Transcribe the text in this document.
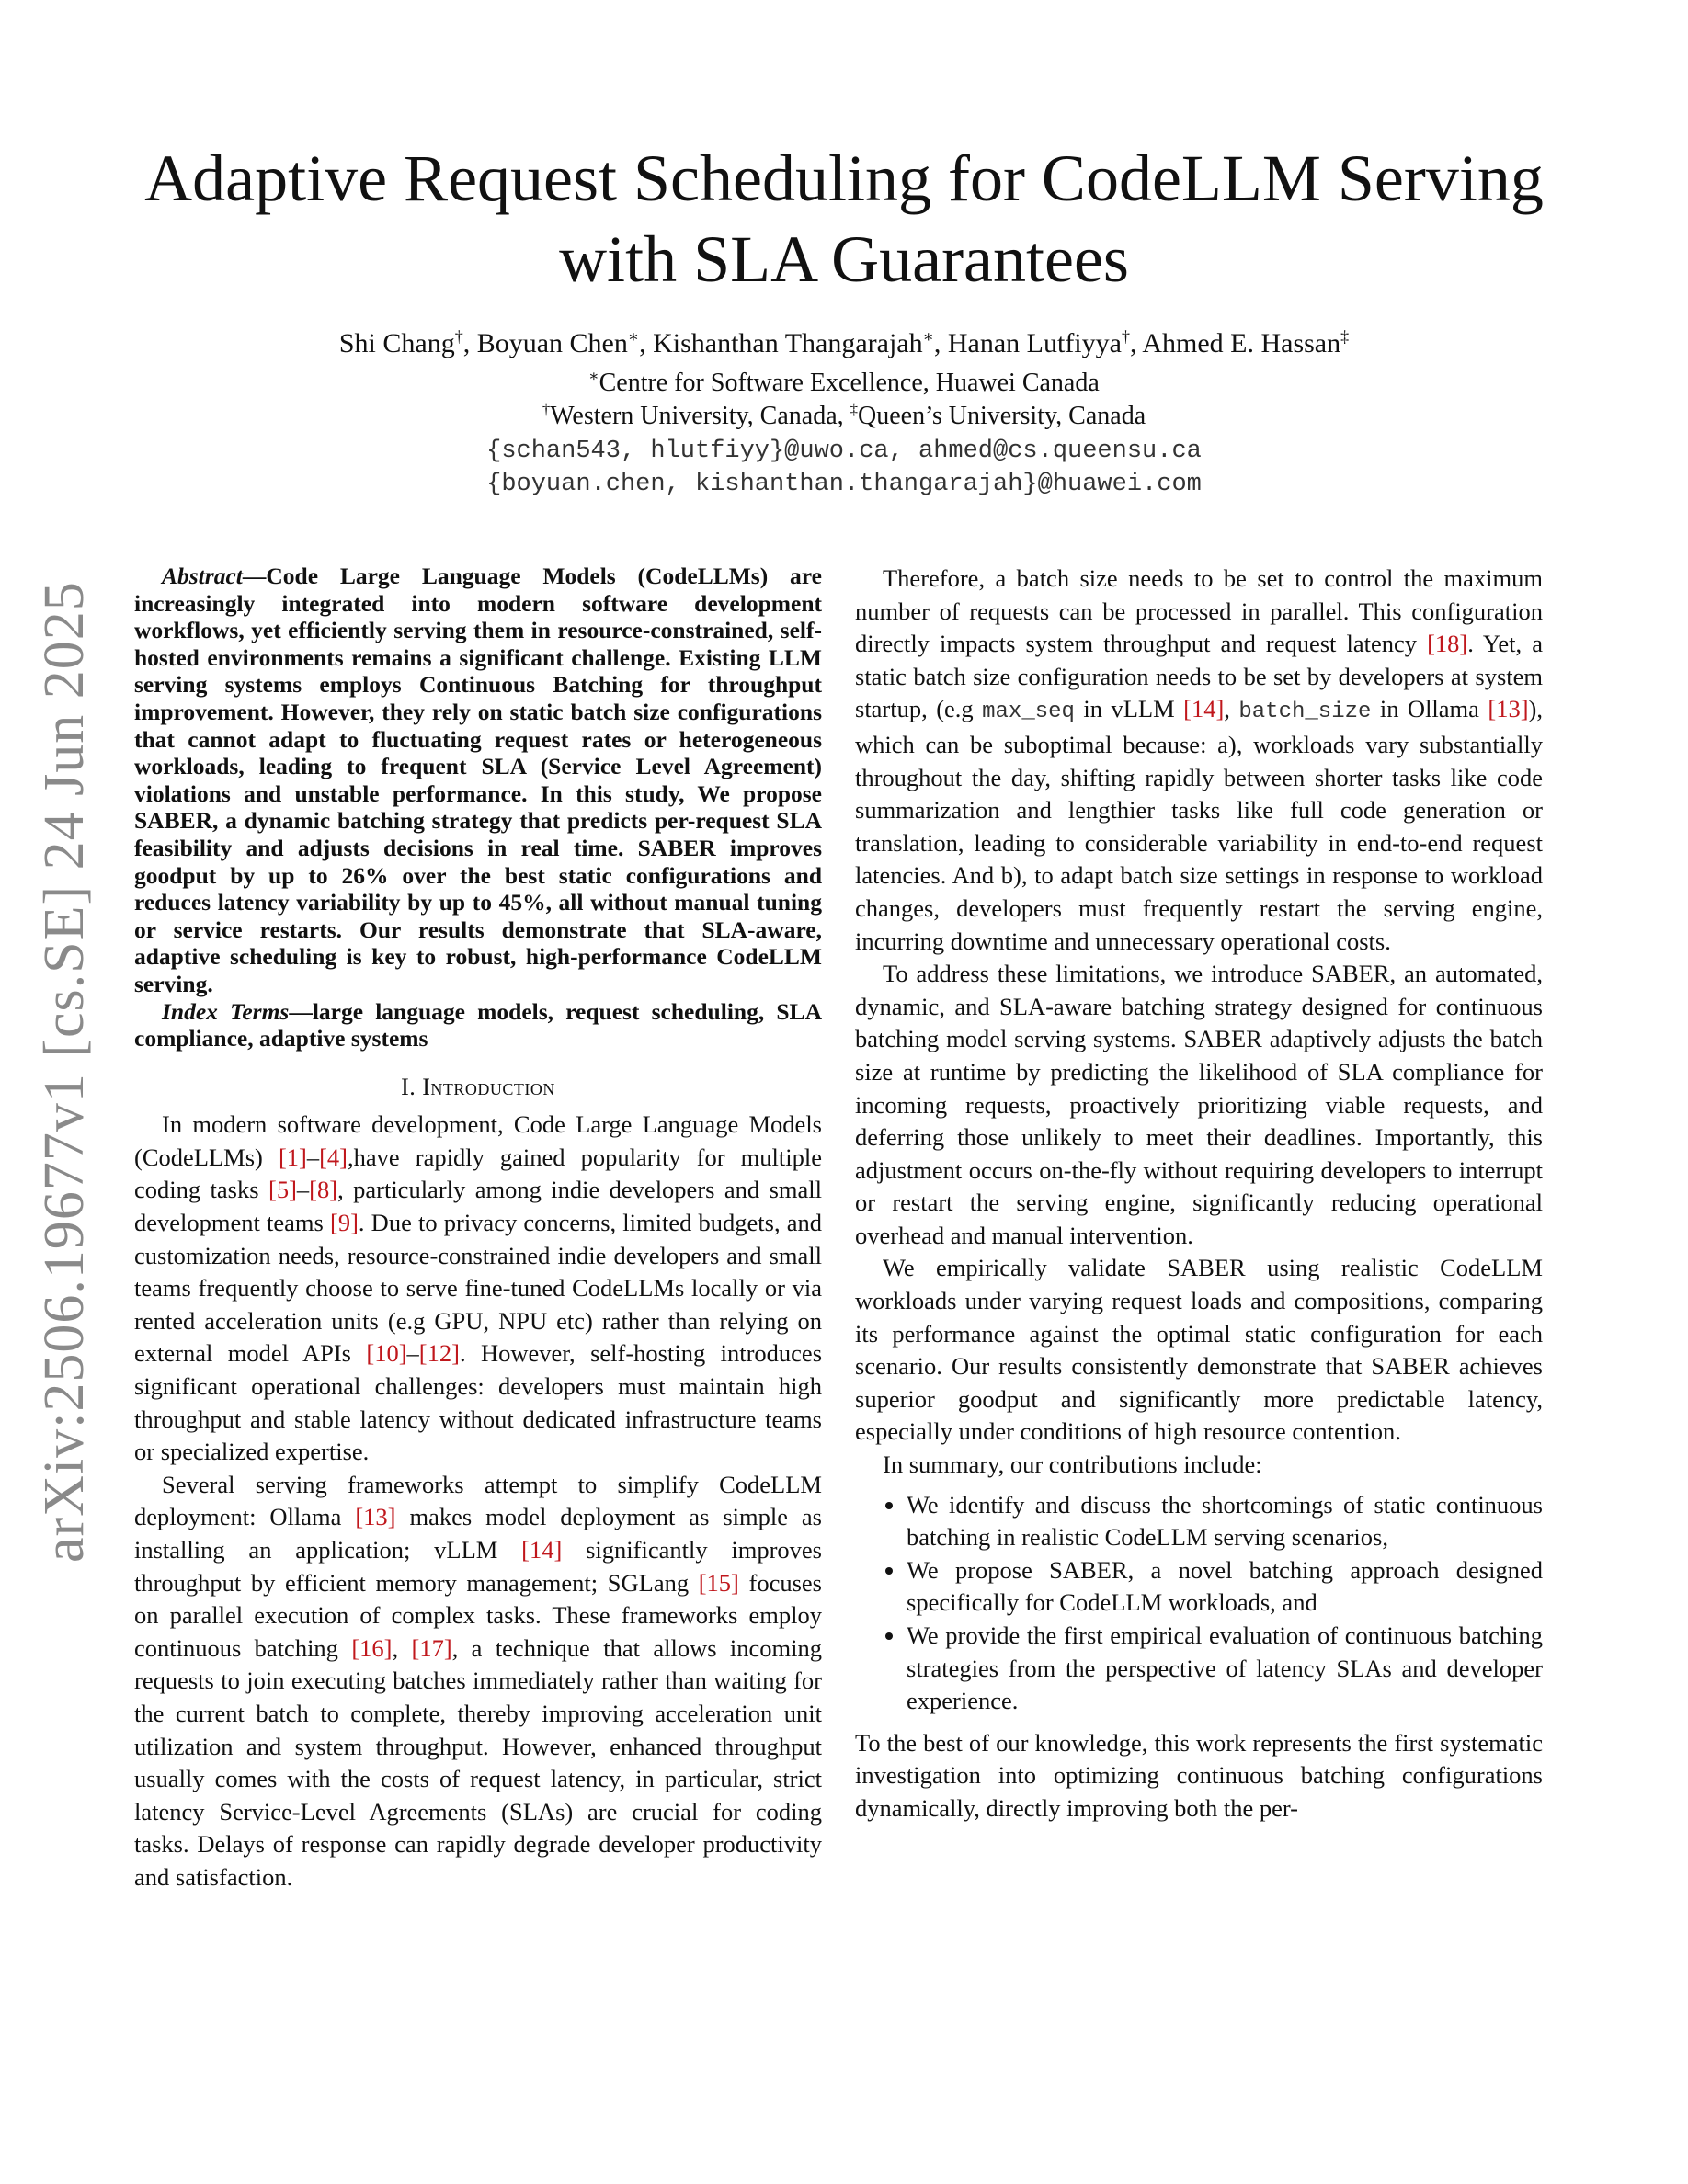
arXiv:2506.19677v1 [cs.SE] 24 Jun 2025
Adaptive Request Scheduling for CodeLLM Serving with SLA Guarantees
Shi Chang†, Boyuan Chen∗, Kishanthan Thangarajah∗, Hanan Lutfiyya†, Ahmed E. Hassan‡
∗Centre for Software Excellence, Huawei Canada
†Western University, Canada, ‡Queen’s University, Canada
{schan543, hlutfiyy}@uwo.ca, ahmed@cs.queensu.ca
{boyuan.chen, kishanthan.thangarajah}@huawei.com

Abstract—Code Large Language Models (CodeLLMs) are increasingly integrated into modern software development workflows, yet efficiently serving them in resource-constrained, self-hosted environments remains a significant challenge. Existing LLM serving systems employs Continuous Batching for throughput improvement. However, they rely on static batch size configurations that cannot adapt to fluctuating request rates or heterogeneous workloads, leading to frequent SLA (Service Level Agreement) violations and unstable performance. In this study, We propose SABER, a dynamic batching strategy that predicts per-request SLA feasibility and adjusts decisions in real time. SABER improves goodput by up to 26% over the best static configurations and reduces latency variability by up to 45%, all without manual tuning or service restarts. Our results demonstrate that SLA-aware, adaptive scheduling is key to robust, high-performance CodeLLM serving.

Index Terms—large language models, request scheduling, SLA compliance, adaptive systems

I. Introduction

In modern software development, Code Large Language Models (CodeLLMs) [1]–[4],have rapidly gained popularity for multiple coding tasks [5]–[8], particularly among indie developers and small development teams [9]. Due to privacy concerns, limited budgets, and customization needs, resource-constrained indie developers and small teams frequently choose to serve fine-tuned CodeLLMs locally or via rented acceleration units (e.g GPU, NPU etc) rather than relying on external model APIs [10]–[12]. However, self-hosting introduces significant operational challenges: developers must maintain high throughput and stable latency without dedicated infrastructure teams or specialized expertise.

Several serving frameworks attempt to simplify CodeLLM deployment: Ollama [13] makes model deployment as simple as installing an application; vLLM [14] significantly improves throughput by efficient memory management; SGLang [15] focuses on parallel execution of complex tasks. These frameworks employ continuous batching [16], [17], a technique that allows incoming requests to join executing batches immediately rather than waiting for the current batch to complete, thereby improving acceleration unit utilization and system throughput. However, enhanced throughput usually comes with the costs of request latency, in particular, strict latency Service-Level Agreements (SLAs) are crucial for coding tasks. Delays of response can rapidly degrade developer productivity and satisfaction.

Therefore, a batch size needs to be set to control the maximum number of requests can be processed in parallel. This configuration directly impacts system throughput and request latency [18]. Yet, a static batch size configuration needs to be set by developers at system startup, (e.g max_seq in vLLM [14], batch_size in Ollama [13]), which can be suboptimal because: a), workloads vary substantially throughout the day, shifting rapidly between shorter tasks like code summarization and lengthier tasks like full code generation or translation, leading to considerable variability in end-to-end request latencies. And b), to adapt batch size settings in response to workload changes, developers must frequently restart the serving engine, incurring downtime and unnecessary operational costs.

To address these limitations, we introduce SABER, an automated, dynamic, and SLA-aware batching strategy designed for continuous batching model serving systems. SABER adaptively adjusts the batch size at runtime by predicting the likelihood of SLA compliance for incoming requests, proactively prioritizing viable requests, and deferring those unlikely to meet their deadlines. Importantly, this adjustment occurs on-the-fly without requiring developers to interrupt or restart the serving engine, significantly reducing operational overhead and manual intervention.

We empirically validate SABER using realistic CodeLLM workloads under varying request loads and compositions, comparing its performance against the optimal static configuration for each scenario. Our results consistently demonstrate that SABER achieves superior goodput and significantly more predictable latency, especially under conditions of high resource contention.

In summary, our contributions include:

• We identify and discuss the shortcomings of static continuous batching in realistic CodeLLM serving scenarios,
• We propose SABER, a novel batching approach designed specifically for CodeLLM workloads, and
• We provide the first empirical evaluation of continuous batching strategies from the perspective of latency SLAs and developer experience.

To the best of our knowledge, this work represents the first systematic investigation into optimizing continuous batching configurations dynamically, directly improving both the per-
